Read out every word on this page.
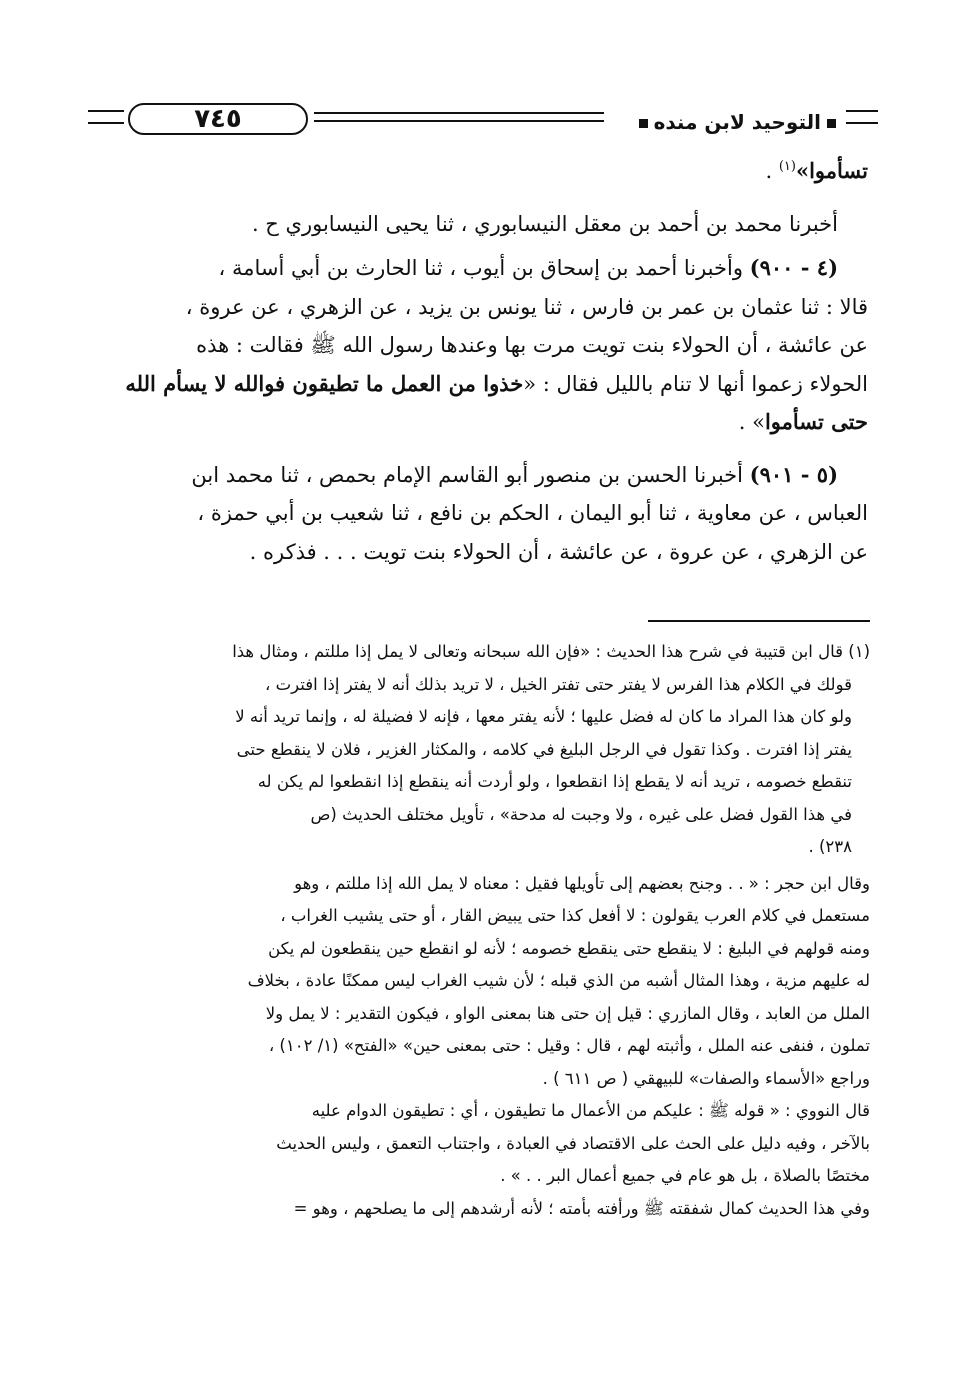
٧٤٥	التوحيد لابن منده
تسأموا»$^{(١)}$ .
أخبرنا محمد بن أحمد بن معقل النيسابوري ، ثنا يحيى النيسابوري ح .
(٤ - ٩٠٠) وأخبرنا أحمد بن إسحاق بن أيوب ، ثنا الحارث بن أبي أسامة ،
قالا : ثنا عثمان بن عمر بن فارس ، ثنا يونس بن يزيد ، عن الزهري ، عن عروة ،
عن عائشة ، أن الحولاء بنت تويت مرت بها وعندها رسول الله ﷺ فقالت : هذه
الحولاء زعموا أنها لا تنام بالليل فقال : «خذوا من العمل ما تطيقون فوالله لا يسأم الله
حتى تسأموا» .
(٥ - ٩٠١) أخبرنا الحسن بن منصور أبو القاسم الإمام بحمص ، ثنا محمد ابن
العباس ، عن معاوية ، ثنا أبو اليمان ، الحكم بن نافع ، ثنا شعيب بن أبي حمزة ،
عن الزهري ، عن عروة ، عن عائشة ، أن الحولاء بنت تويت . . . فذكره .
(١) قال ابن قتيبة في شرح هذا الحديث : «فإن الله سبحانه وتعالى لا يمل إذا مللتم ، ومثال هذا
قولك في الكلام هذا الفرس لا يفتر حتى تفتر الخيل ، لا تريد بذلك أنه لا يفتر إذا افترت ،
ولو كان هذا المراد ما كان له فضل عليها ؛ لأنه يفتر معها ، فإنه لا فضيلة له ، وإنما تريد أنه لا
يفتر إذا افترت . وكذا تقول في الرجل البليغ في كلامه ، والمكثار الغزير ، فلان لا ينقطع حتى
تنقطع خصومه ، تريد أنه لا يقطع إذا انقطعوا ، ولو أردت أنه ينقطع إذا انقطعوا لم يكن له
في هذا القول فضل على غيره ، ولا وجبت له مدحة» ، تأويل مختلف الحديث (ص
٢٣٨) .
وقال ابن حجر : « . . وجنح بعضهم إلى تأويلها فقيل : معناه لا يمل الله إذا مللتم ، وهو
مستعمل في كلام العرب يقولون : لا أفعل كذا حتى يبيض القار ، أو حتى يشيب الغراب ،
ومنه قولهم في البليغ : لا ينقطع حتى ينقطع خصومه ؛ لأنه لو انقطع حين ينقطعون لم يكن
له عليهم مزية ، وهذا المثال أشبه من الذي قبله ؛ لأن شيب الغراب ليس ممكنًا عادة ، بخلاف
الملل من العابد ، وقال المازري : قيل إن حتى هنا بمعنى الواو ، فيكون التقدير : لا يمل ولا
تملون ، فنفى عنه الملل ، وأثبته لهم ، قال : وقيل : حتى بمعنى حين» «الفتح» (١/ ١٠٢) ،
وراجع «الأسماء والصفات» للبيهقي ( ص ٦١١ ) .
قال النووي : « قوله ﷺ : عليكم من الأعمال ما تطيقون ، أي : تطيقون الدوام عليه
بالآخر ، وفيه دليل على الحث على الاقتصاد في العبادة ، واجتناب التعمق ، وليس الحديث
مختصًا بالصلاة ، بل هو عام في جميع أعمال البر . . » .
وفي هذا الحديث كمال شفقته ﷺ ورأفته بأمته ؛ لأنه أرشدهم إلى ما يصلحهم ، وهو =
